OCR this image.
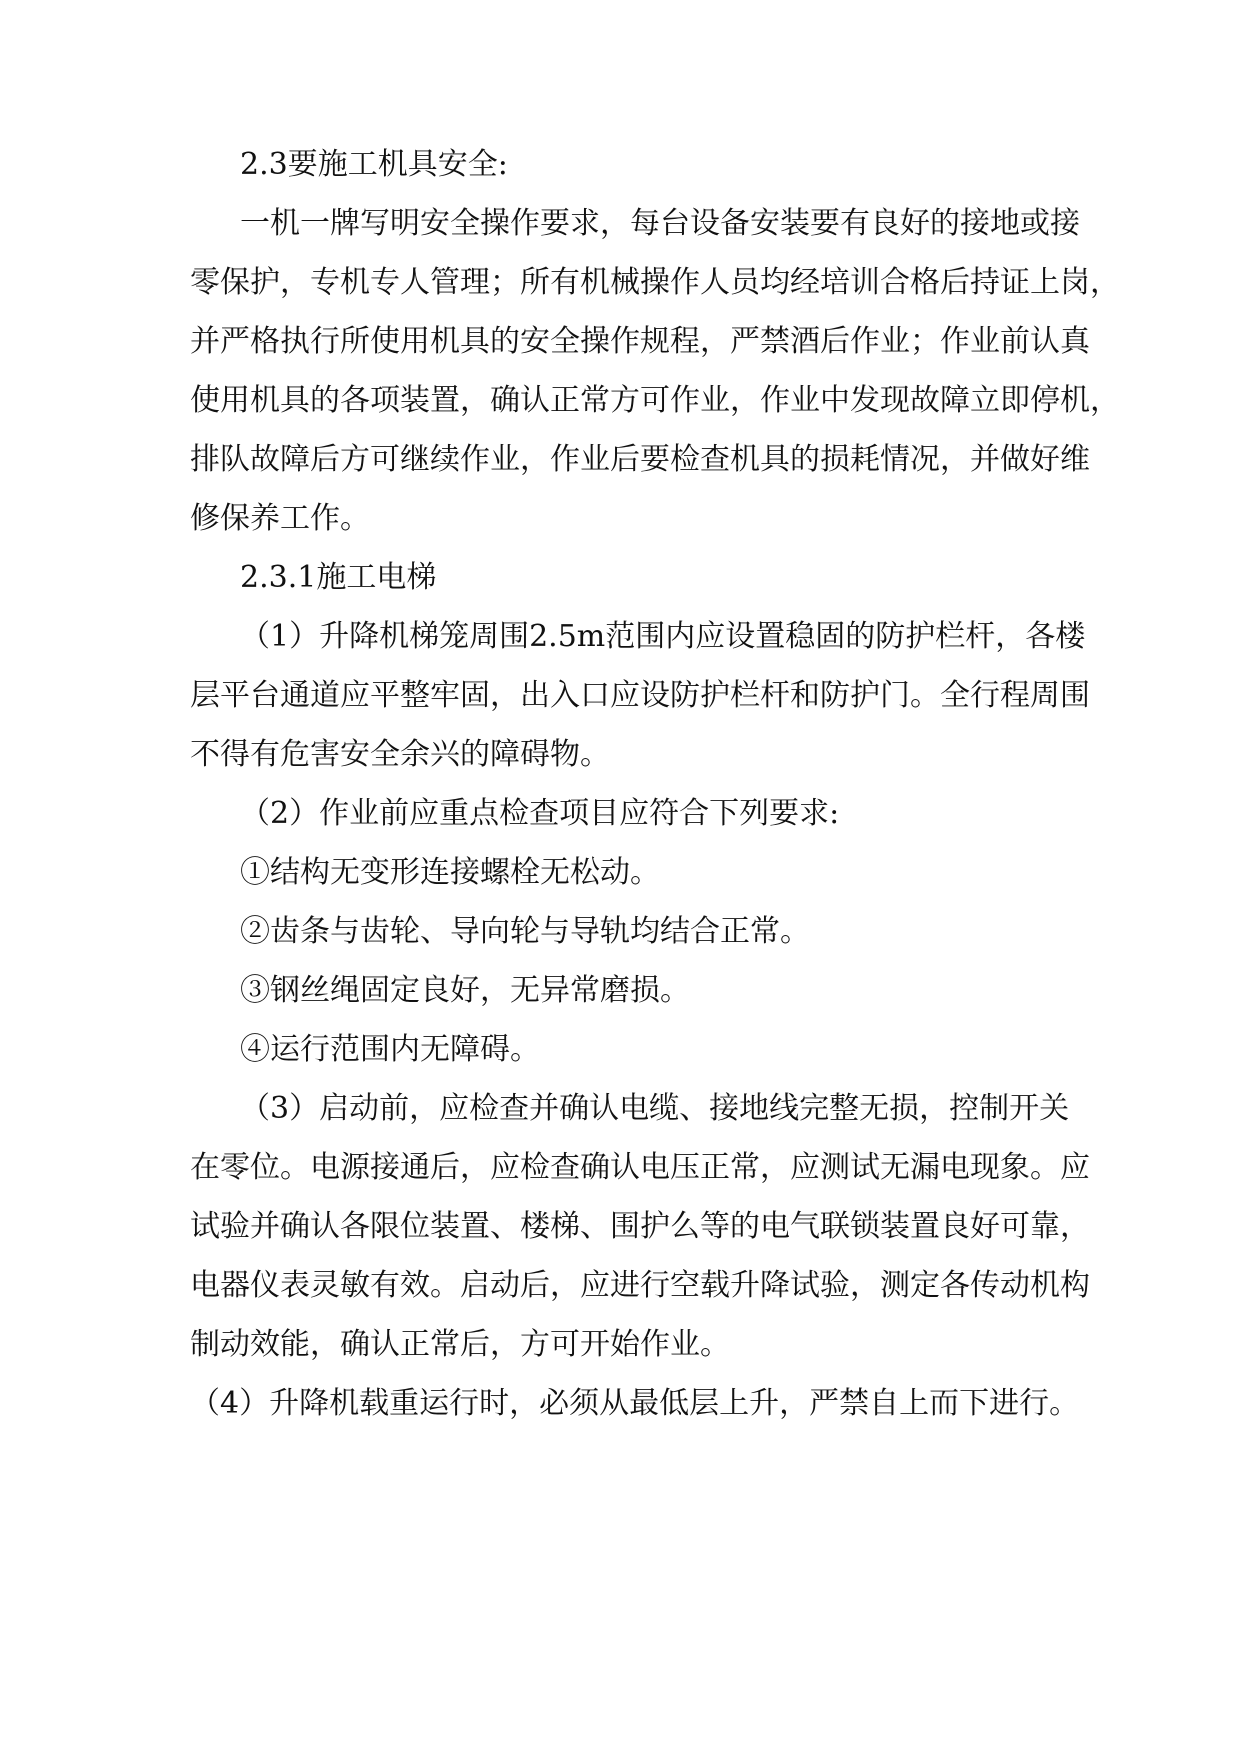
2.3要施工机具安全:

一机一牌写明安全操作要求，每台设备安装要有良好的接地或接

零保护，专机专人管理；所有机械操作人员均经培训合格后持证上岗，

并严格执行所使用机具的安全操作规程，严禁酒后作业；作业前认真

使用机具的各项装置，确认正常方可作业，作业中发现故障立即停机，

排队故障后方可继续作业，作业后要检查机具的损耗情况，并做好维

修保养工作。

2.3.1施工电梯

（1）升降机梯笼周围2.5m范围内应设置稳固的防护栏杆，各楼

层平台通道应平整牢固，出入口应设防护栏杆和防护门。全行程周围

不得有危害安全余兴的障碍物。

（2）作业前应重点检查项目应符合下列要求:

①结构无变形连接螺栓无松动。

②齿条与齿轮、导向轮与导轨均结合正常。

③钢丝绳固定良好，无异常磨损。

④运行范围内无障碍。

（3）启动前，应检查并确认电缆、接地线完整无损，控制开关

在零位。电源接通后，应检查确认电压正常，应测试无漏电现象。应

试验并确认各限位装置、楼梯、围护么等的电气联锁装置良好可靠，

电器仪表灵敏有效。启动后，应进行空载升降试验，测定各传动机构

制动效能，确认正常后，方可开始作业。

（4）升降机载重运行时，必须从最低层上升，严禁自上而下进行。
